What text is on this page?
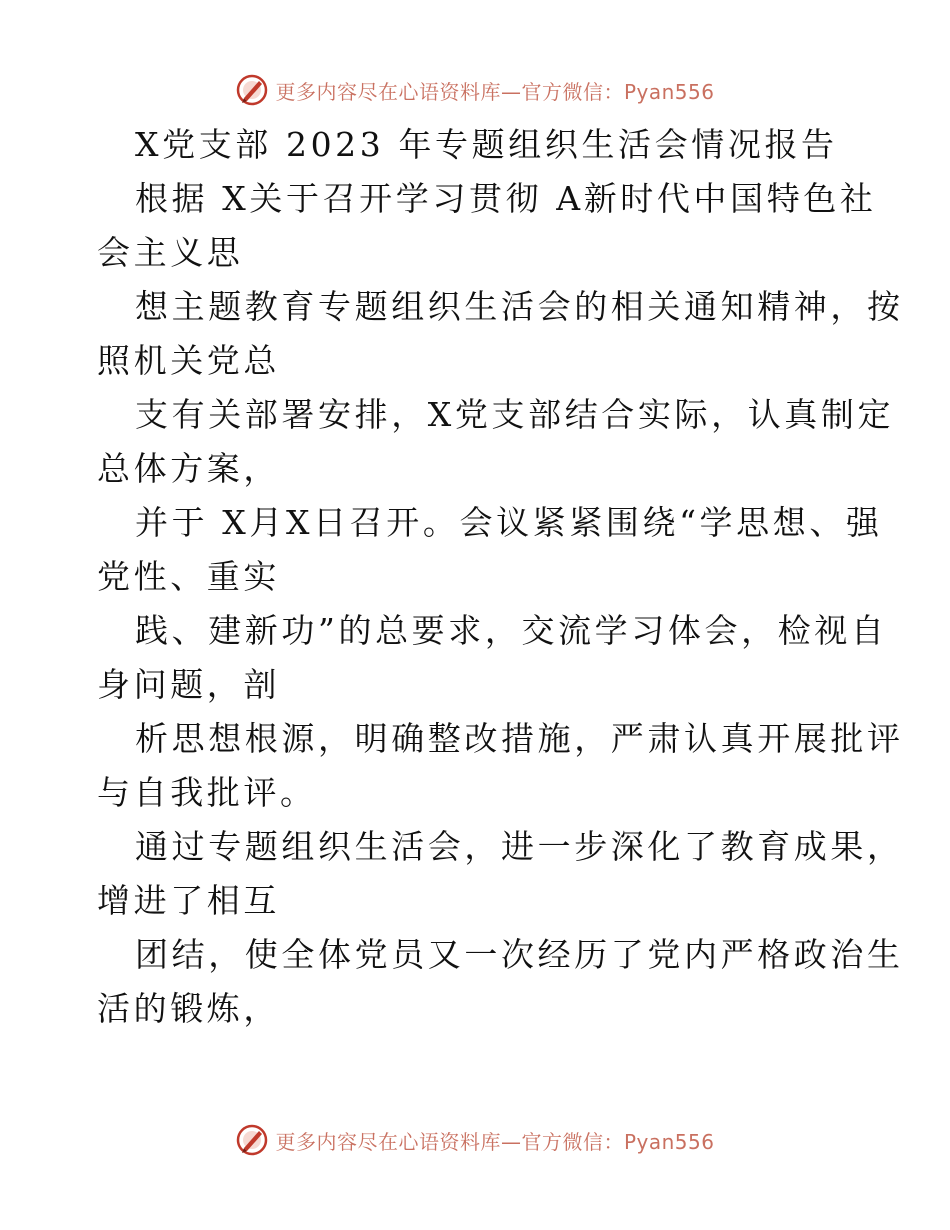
更多内容尽在心语资料库—官方微信：Pyan556
X党支部 2023 年专题组织生活会情况报告
根据 X关于召开学习贯彻 A新时代中国特色社
会主义思
想主题教育专题组织生活会的相关通知精神，按
照机关党总
支有关部署安排，X党支部结合实际，认真制定
总体方案，
并于 X月X日召开。会议紧紧围绕“学思想、强
党性、重实
践、建新功”的总要求，交流学习体会，检视自
身问题，剖
析思想根源，明确整改措施，严肃认真开展批评
与自我批评。
通过专题组织生活会，进一步深化了教育成果，
增进了相互
团结，使全体党员又一次经历了党内严格政治生
活的锻炼，
更多内容尽在心语资料库—官方微信：Pyan556
